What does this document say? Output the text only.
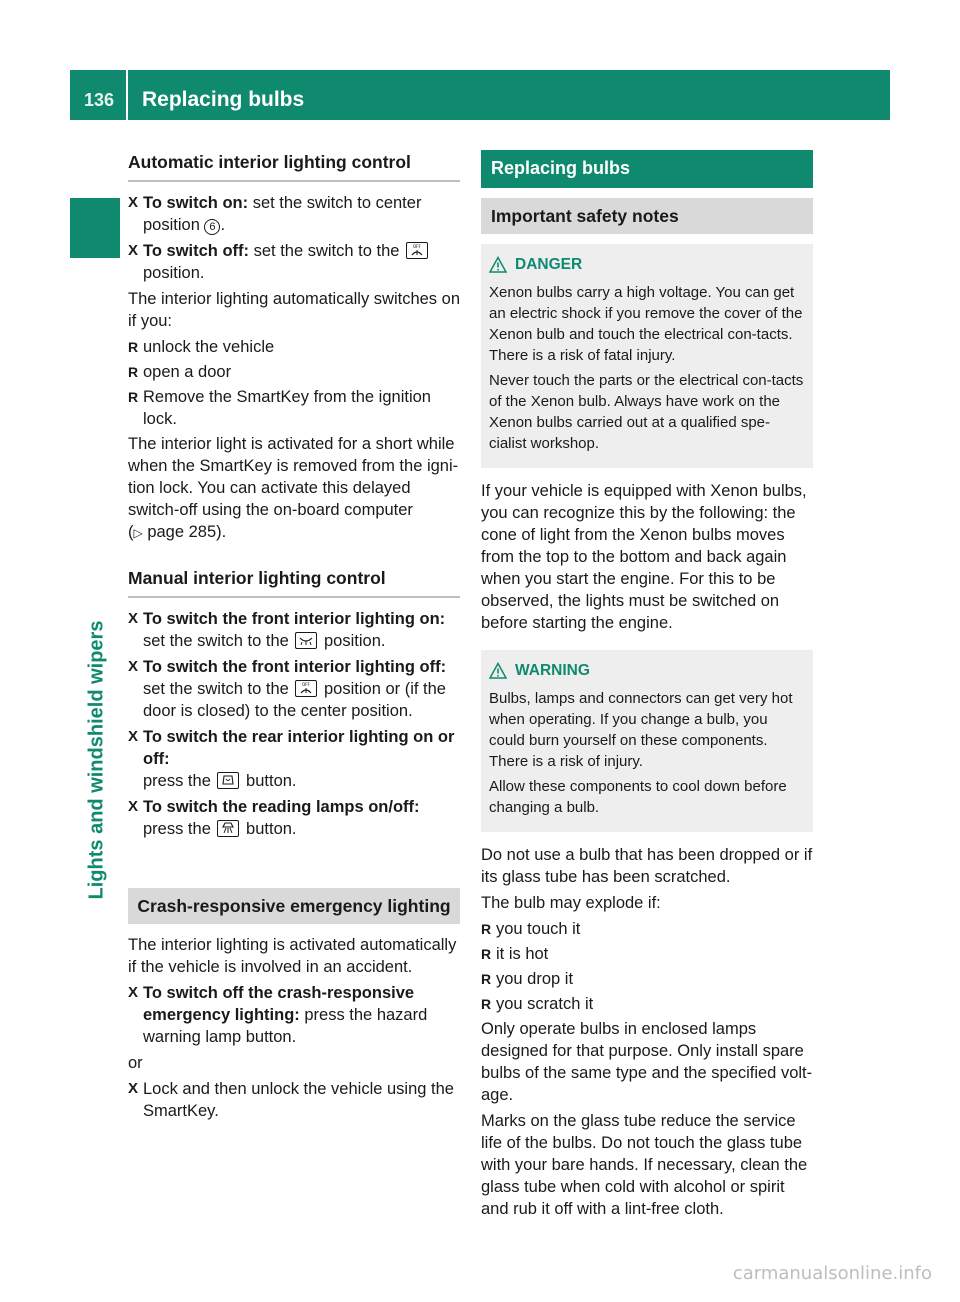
136 Replacing bulbs
Lights and windshield wipers
Automatic interior lighting control
X To switch on: set the switch to center
position 6 .
X To switch off: set the switch to the OFF

position.

The interior lighting automatically switches on if you:

R unlock the vehicle
R open a door
R Remove the SmartKey from the ignition lock.

The interior light is activated for a short while when the SmartKey is removed from the igni-tion lock. You can activate this delayed switch-off using the on-board computer
(▷ page 285).

Manual interior lighting control
X To switch the front interior lighting on:
set the switch to the
position.
X To switch the front interior lighting off:
set the switch to the OFF position or (if the door is closed) to the center position.
X To switch the rear interior lighting on or off:
press the
button.
X To switch the reading lamps on/off:
press the
button.
Crash-responsive emergency lighting

The interior lighting is activated automatically if the vehicle is involved in an accident.

X To switch off the crash-responsive emergency lighting: press the hazard warning lamp button.

or

X Lock and then unlock the vehicle using the SmartKey.
Replacing bulbs
Important safety notes
DANGER

Xenon bulbs carry a high voltage. You can get an electric shock if you remove the cover of the Xenon bulb and touch the electrical con-tacts. There is a risk of fatal injury.

Never touch the parts or the electrical con-tacts of the Xenon bulb. Always have work on the Xenon bulbs carried out at a qualified spe-cialist workshop.

If your vehicle is equipped with Xenon bulbs, you can recognize this by the following: the cone of light from the Xenon bulbs moves from the top to the bottom and back again when you start the engine. For this to be observed, the lights must be switched on before starting the engine.

WARNING

Bulbs, lamps and connectors can get very hot when operating. If you change a bulb, you could burn yourself on these components. There is a risk of injury.

Allow these components to cool down before changing a bulb.

Do not use a bulb that has been dropped or if its glass tube has been scratched.

The bulb may explode if:

R you touch it
R it is hot
R you drop it
R you scratch it

Only operate bulbs in enclosed lamps designed for that purpose. Only install spare bulbs of the same type and the specified volt-age.

Marks on the glass tube reduce the service life of the bulbs. Do not touch the glass tube with your bare hands. If necessary, clean the glass tube when cold with alcohol or spirit and rub it off with a lint-free cloth.

carmanualsonline.info
